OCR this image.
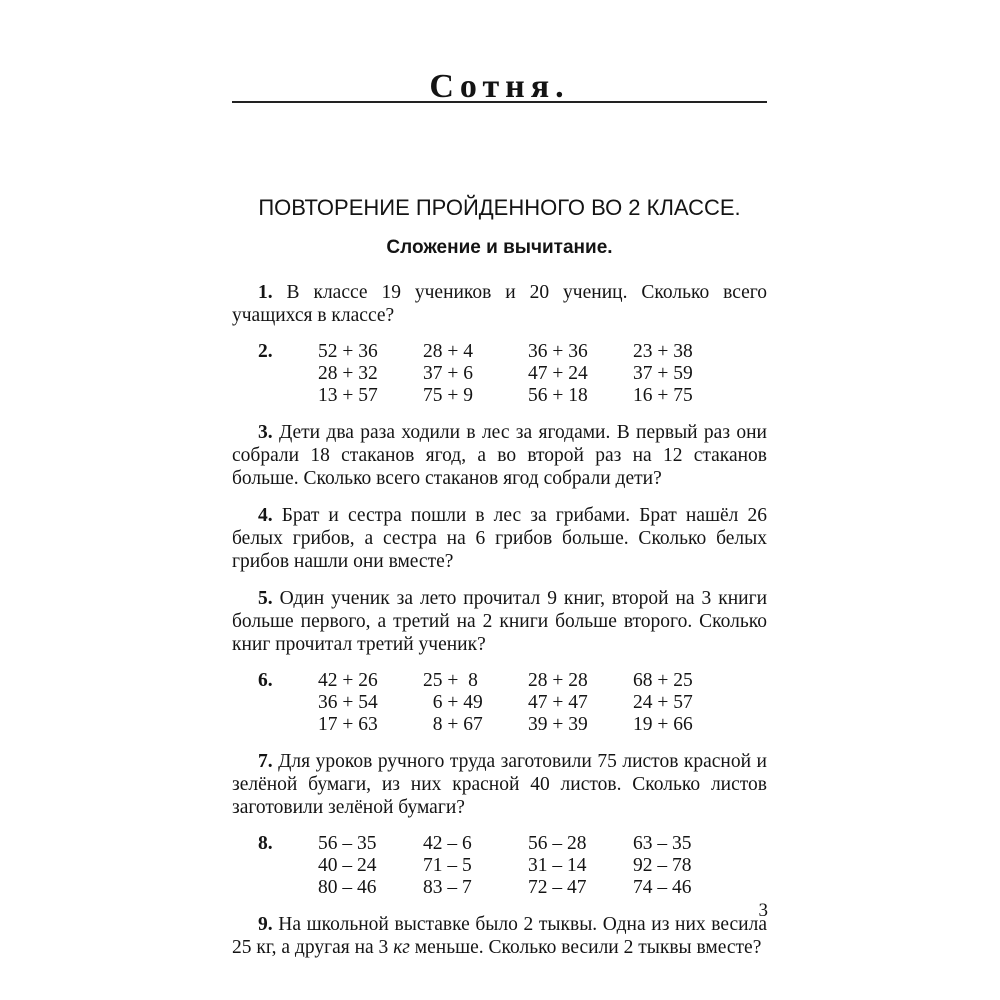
Сотня.
ПОВТОРЕНИЕ ПРОЙДЕННОГО ВО 2 КЛАССЕ.
Сложение и вычитание.

1. В классе 19 учеников и 20 учениц. Сколько всего учащихся в классе?

2.	52 + 36	28 + 4	36 + 36	23 + 38
28 + 32	37 + 6	47 + 24	37 + 59
13 + 57	75 + 9	56 + 18	16 + 75

3. Дети два раза ходили в лес за ягодами. В первый раз они собрали 18 стаканов ягод, а во второй раз на 12 стаканов больше. Сколько всего стаканов ягод собрали дети?

4. Брат и сестра пошли в лес за грибами. Брат нашёл 26 белых грибов, а сестра на 6 грибов больше. Сколько белых грибов нашли они вместе?

5. Один ученик за лето прочитал 9 книг, второй на 3 книги больше первого, а третий на 2 книги больше второго. Сколько книг прочитал третий ученик?

6.	42 + 26	25 +  8	28 + 28	68 + 25
36 + 54	6 + 49	47 + 47	24 + 57
17 + 63	8 + 67	39 + 39	19 + 66

7. Для уроков ручного труда заготовили 75 листов красной и зелёной бумаги, из них красной 40 листов. Сколько листов заготовили зелёной бумаги?

8.	56 – 35	42 – 6	56 – 28	63 – 35
40 – 24	71 – 5	31 – 14	92 – 78
80 – 46	83 – 7	72 – 47	74 – 46

9. На школьной выставке было 2 тыквы. Одна из них весила 25 кг, а другая на 3 кг меньше. Сколько весили 2 тыквы вместе?

3
